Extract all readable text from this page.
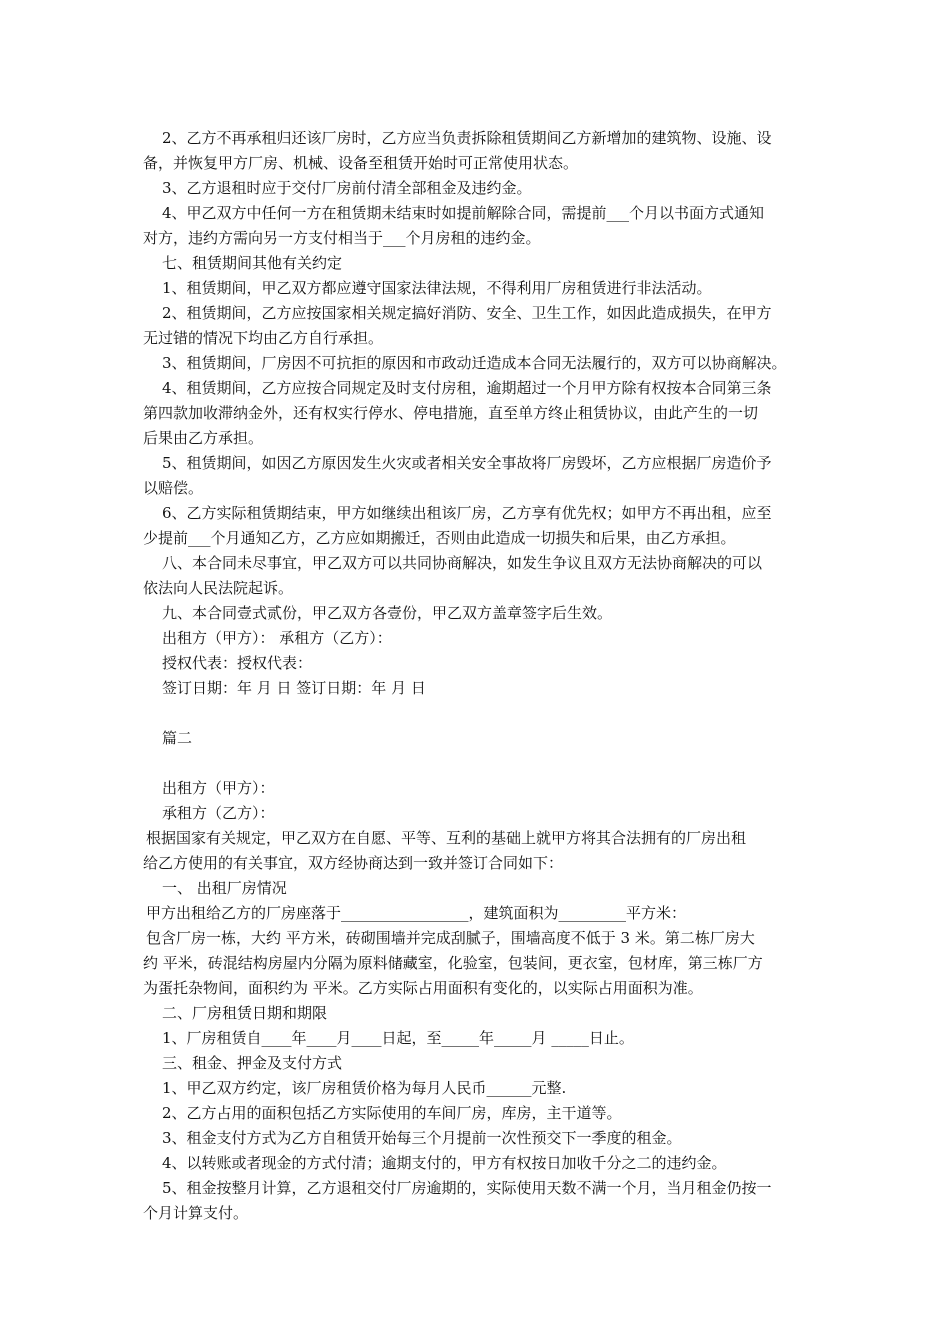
2、乙方不再承租归还该厂房时，乙方应当负责拆除租赁期间乙方新增加的建筑物、设施、设
备，并恢复甲方厂房、机械、设备至租赁开始时可正常使用状态。
3、乙方退租时应于交付厂房前付清全部租金及违约金。
4、甲乙双方中任何一方在租赁期未结束时如提前解除合同，需提前___个月以书面方式通知
对方，违约方需向另一方支付相当于___个月房租的违约金。
七、租赁期间其他有关约定
1、租赁期间，甲乙双方都应遵守国家法律法规，不得利用厂房租赁进行非法活动。
2、租赁期间，乙方应按国家相关规定搞好消防、安全、卫生工作，如因此造成损失，在甲方
无过错的情况下均由乙方自行承担。
3、租赁期间，厂房因不可抗拒的原因和市政动迁造成本合同无法履行的，双方可以协商解决。
4、租赁期间，乙方应按合同规定及时支付房租，逾期超过一个月甲方除有权按本合同第三条
第四款加收滞纳金外，还有权实行停水、停电措施，直至单方终止租赁协议，由此产生的一切
后果由乙方承担。
5、租赁期间，如因乙方原因发生火灾或者相关安全事故将厂房毁坏，乙方应根据厂房造价予
以赔偿。
6、乙方实际租赁期结束，甲方如继续出租该厂房，乙方享有优先权；如甲方不再出租，应至
少提前___个月通知乙方，乙方应如期搬迁，否则由此造成一切损失和后果，由乙方承担。
八、本合同未尽事宜，甲乙双方可以共同协商解决，如发生争议且双方无法协商解决的可以
依法向人民法院起诉。
九、本合同壹式贰份，甲乙双方各壹份，甲乙双方盖章签字后生效。
出租方（甲方）： 承租方（乙方）：
授权代表：授权代表：
签订日期：年 月 日 签订日期：年 月 日
篇二
出租方（甲方）：
承租方（乙方）：
根据国家有关规定，甲乙双方在自愿、平等、互利的基础上就甲方将其合法拥有的厂房出租
给乙方使用的有关事宜，双方经协商达到一致并签订合同如下：
一、 出租厂房情况
甲方出租给乙方的厂房座落于_________________，建筑面积为_________平方米：
包含厂房一栋，大约 平方米，砖砌围墙并完成刮腻子，围墙高度不低于 3 米。第二栋厂房大
约 平米，砖混结构房屋内分隔为原料储藏室，化验室，包装间，更衣室，包材库，第三栋厂方
为蛋托杂物间，面积约为 平米。乙方实际占用面积有变化的，以实际占用面积为准。
二、厂房租赁日期和期限
1、厂房租赁自____年____月____日起，至_____年_____月 _____日止。
三、租金、押金及支付方式
1、甲乙双方约定，该厂房租赁价格为每月人民币______元整.
2、乙方占用的面积包括乙方实际使用的车间厂房，库房，主干道等。
3、租金支付方式为乙方自租赁开始每三个月提前一次性预交下一季度的租金。
4、以转账或者现金的方式付清；逾期支付的，甲方有权按日加收千分之二的违约金。
5、租金按整月计算，乙方退租交付厂房逾期的，实际使用天数不满一个月，当月租金仍按一
个月计算支付。
